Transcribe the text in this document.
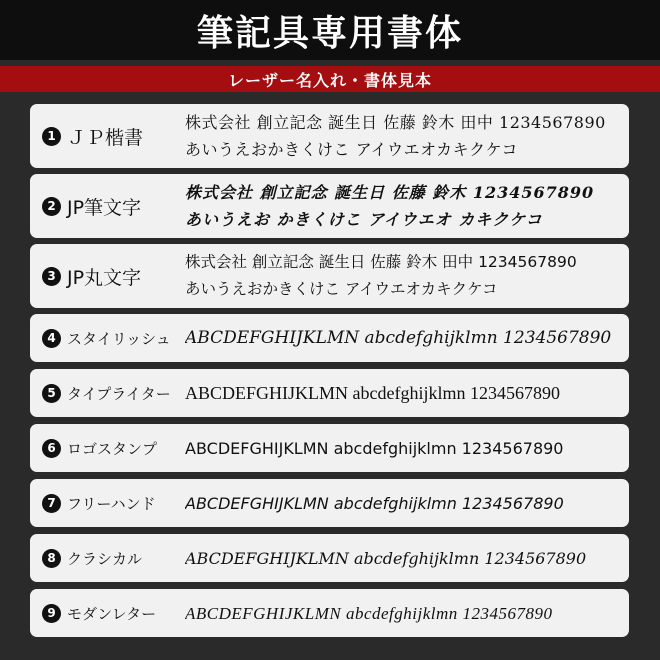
筆記具専用書体
レーザー名入れ・書体見本
1 ＪＰ楷書
株式会社 創立記念 誕生日 佐藤 鈴木 田中 1234567890
あいうえおかきくけこ アイウエオカキクケコ
2 JP筆文字
株式会社 創立記念 誕生日 佐藤 鈴木 1234567890
あいうえお かきくけこ アイウエオ カキクケコ
3 JP丸文字
株式会社 創立記念 誕生日 佐藤 鈴木 田中 1234567890
あいうえおかきくけこ アイウエオカキクケコ
4 スタイリッシュ ABCDEFGHIJKLMN abcdefghijklmn 1234567890
5 タイプライター ABCDEFGHIJKLMN abcdefghijklmn 1234567890
6 ロゴスタンプ ABCDEFGHIJKLMN abcdefghijklmn 1234567890
7 フリーハンド ABCDEFGHIJKLMN abcdefghijklmn 1234567890
8 クラシカル	ABCDEFGHIJKLMN abcdefghijklmn 1234567890
9 モダンレター ABCDEFGHIJKLMN abcdefghijklmn 1234567890
